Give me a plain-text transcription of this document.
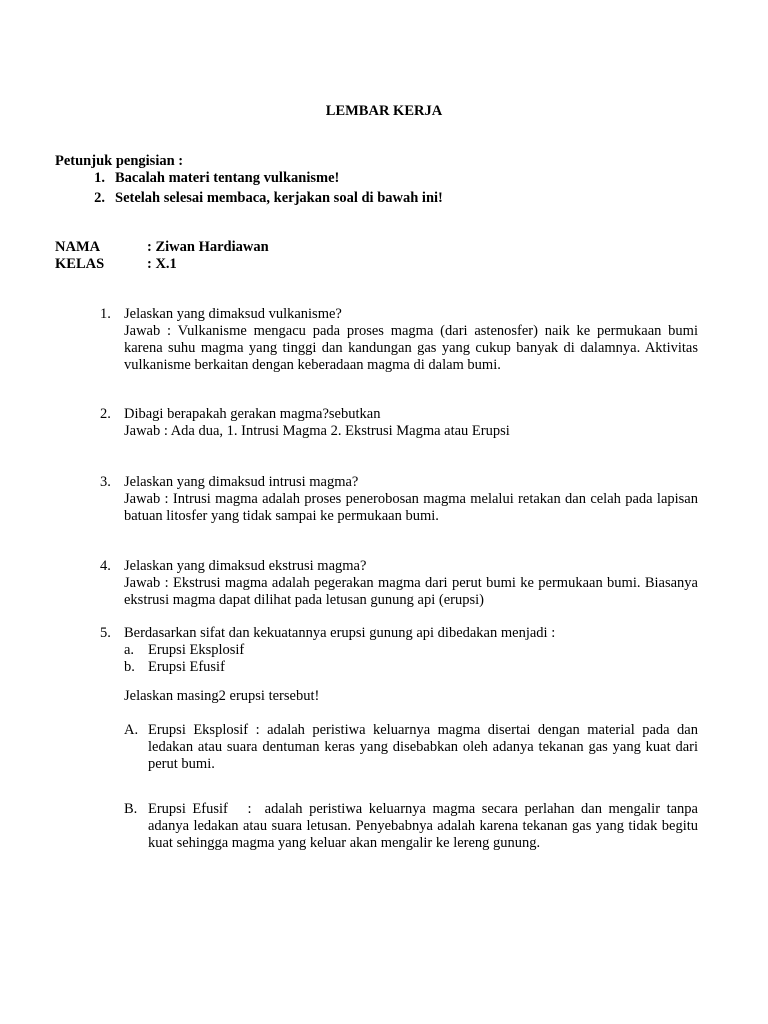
LEMBAR KERJA
Petunjuk pengisian :
1. Bacalah materi tentang vulkanisme!
2. Setelah selesai membaca, kerjakan soal di bawah ini!
NAMA	: Ziwan Hardiawan
KELAS	: X.1
1. Jelaskan yang dimaksud vulkanisme?
Jawab : Vulkanisme mengacu pada proses magma (dari astenosfer) naik ke permukaan bumi karena suhu magma yang tinggi dan kandungan gas yang cukup banyak di dalamnya. Aktivitas vulkanisme berkaitan dengan keberadaan magma di dalam bumi.
2. Dibagi berapakah gerakan magma?sebutkan
Jawab : Ada dua, 1. Intrusi Magma 2. Ekstrusi Magma atau Erupsi
3. Jelaskan yang dimaksud intrusi magma?
Jawab : Intrusi magma adalah proses penerobosan magma melalui retakan dan celah pada lapisan batuan litosfer yang tidak sampai ke permukaan bumi.
4. Jelaskan yang dimaksud ekstrusi magma?
Jawab : Ekstrusi magma adalah pegerakan magma dari perut bumi ke permukaan bumi. Biasanya ekstrusi magma dapat dilihat pada letusan gunung api (erupsi)
5. Berdasarkan sifat dan kekuatannya erupsi gunung api dibedakan menjadi :
a. Erupsi Eksplosif
b. Erupsi Efusif
Jelaskan masing2 erupsi tersebut!
A. Erupsi Eksplosif : adalah peristiwa keluarnya magma disertai dengan material pada dan ledakan atau suara dentuman keras yang disebabkan oleh adanya tekanan gas yang kuat dari perut bumi.
B. Erupsi Efusif   :  adalah peristiwa keluarnya magma secara perlahan dan mengalir tanpa adanya ledakan atau suara letusan. Penyebabnya adalah karena tekanan gas yang tidak begitu kuat sehingga magma yang keluar akan mengalir ke lereng gunung.
